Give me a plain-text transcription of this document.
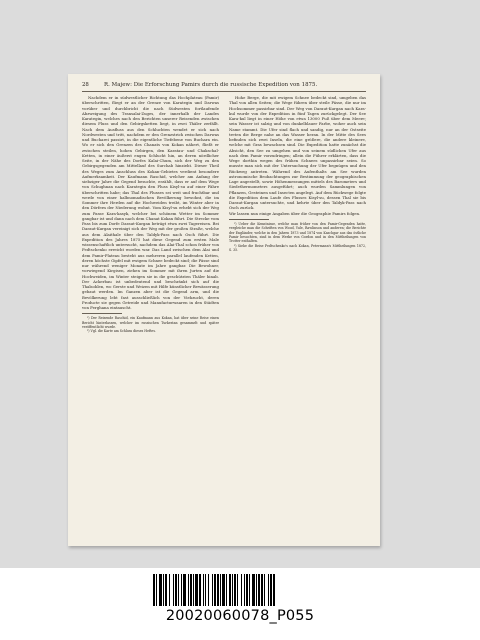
28	R. Majew: Die Erforschung Pamirs durch die russische Expedition von 1875.

Nachdem er in südwestlicher Richtung das Hochplateau (Pamir) überschritten, fliegt er an der Grenze von Karategin und Darwas vorüber und durchbricht die nach Südwesten fortlaufende Abzweigung des Transalai-Zuges, der innerhalb der Landes Karategin, welches nach den Berichten unserer Reisenden zwischen diesem Fluss und den Gebirgsketten liegt, in zwei Thäler zerfällt. Nach dem Ausfluss aus den Schluchten wendet er sich nach Nordwesten und tritt, nachdem er den Grenzstrich zwischen Darwas und Bucharei passirt, in die eigentliche Tiefebene von Buchara ein. Wo er sich den Grenzen des Chanats von Kokan nähert, fließt er zwischen steilen, hohen Gebirgen, den Karatau- und Chakschal-Ketten, in einer äußerst engen Schlucht hin, an deren nördlicher Seite, in der Nähe des Dorfes Kalai-Chum, sich der Weg zu den Gebirgsgegenden am Mittellauf des Surchab hinzieht. Dieser Theil des Weges zum Anschluss des Kokan-Gebietes verdient besondere Aufmerksamkeit. Der Kaufmann Raschid, welcher am Anfang der siebziger Jahre die Gegend besuchte, erzählt, dass er auf dem Wege von Schughnan nach Karategin den Fluss Kisyl-su auf einer Fähre überschritten habe; das Thal des Flusses sei weit und fruchtbar und werde von einer halbnomadischen Bevölkerung bewohnt, die im Sommer ihre Herden auf die Hochweiden treibt, im Winter aber in den Dörfern der Niederung wohnt. Vom Kisyl-su erhebt sich der Weg zum Passe Kara-kasyk, welcher bei schönem Wetter im Sommer gangbar ist und dann nach dem Chanat Kokan führt. Die Strecke vom Pass bis zum Dorfe Daraut-Kurgan beträgt etwa zwei Tagereisen. Bei Daraut-Kurgan vereinigt sich der Weg mit der großen Straße, welche aus dem Alaithale über den Taldyk-Pass nach Osch führt. Die Expedition des Jahres 1875 hat diese Gegend zum ersten Male wissenschaftlich untersucht, nachdem das Alai-Thal schon früher von Fedtschenko erreicht worden war. Das Land zwischen dem Alai und dem Pamir-Plateau besteht aus mehreren parallel laufenden Ketten, deren höchste Gipfel mit ewigem Schnee bedeckt sind; die Pässe sind nur während weniger Monate im Jahre gangbar. Die Bewohner, vorwiegend Kirgisen, ziehen im Sommer mit ihren Jurten auf die Hochweiden, im Winter steigen sie in die geschützten Thäler hinab. Der Ackerbau ist unbedeutend und beschränkt sich auf die Thalsohlen, wo Gerste und Weizen mit Hilfe künstlicher Bewässerung gebaut werden. Im Ganzen aber ist die Gegend arm, und die Bevölkerung lebt fast ausschließlich von der Viehzucht, deren Producte sie gegen Getreide und Manufacturwaaren in den Städten von Ferghana eintauscht.

¹) Der Reisende Raschid, ein Kaufmann aus Kokan, hat über seine Reise einen Bericht hinterlassen, welcher im russischen Turkestan gesammelt und später veröffentlicht wurde.

²) Vgl. die Karte am Schluss dieses Heftes.

Hohe Berge, die mit ewigem Schnee bedeckt sind, umgeben das Thal von allen Seiten; die Wege führen über steile Pässe, die nur im Hochsommer passirbar sind. Der Weg von Daraut-Kurgan nach Kara-kul wurde von der Expedition in fünf Tagen zurückgelegt. Der See Kara-kul liegt in einer Höhe von etwa 13000 Fuß über dem Meere; sein Wasser ist salzig und von dunkelblauer Farbe, woher auch sein Name stammt. Die Ufer sind flach und sandig, nur an der Ostseite treten die Berge nahe an das Wasser heran. In der Mitte des Sees befinden sich zwei Inseln, die eine größere, die andere kleinere, welche mit Gras bewachsen sind. Die Expedition hatte zunächst die Absicht, den See zu umgehen und von seinem südlichen Ufer aus nach dem Pamir vorzudringen; allein die Führer erklärten, dass die Wege dorthin wegen des frühen Schnees unpassirbar seien. So musste man sich mit der Untersuchung der Ufer begnügen und den Rückweg antreten. Während des Aufenthalts am See wurden astronomische Beobachtungen zur Bestimmung der geographischen Lage angestellt, sowie Höhenmessungen mittels des Barometers und Siedethermometers ausgeführt; auch wurden Sammlungen von Pflanzen, Gesteinen und Insecten angelegt. Auf dem Rückwege folgte die Expedition dem Laufe des Flusses Kisyl-su, dessen Thal sie bis Daraut-Kurgan untersuchte, und kehrte über den Taldyk-Pass nach Osch zurück.

Wir lassen nun einige Angaben über die Geographie Pamirs folgen.

¹) Ueber die Kenntnisse, welche man früher von den Pamir-Gegenden hatte, vergleiche man die Schriften von Wood, Yule, Rawlinson und anderen; die Berichte der Engländer, welche in den Jahren 1873 und 1874 von Kaschgar aus das östliche Pamir besuchten, sind in dem Werke von Gordon und in den Mittheilungen von Trotter enthalten.

²) Siehe die Reise Fedtschenko's nach Kokan, Petermann's Mittheilungen 1872, S. 35.

20020060078_P055
